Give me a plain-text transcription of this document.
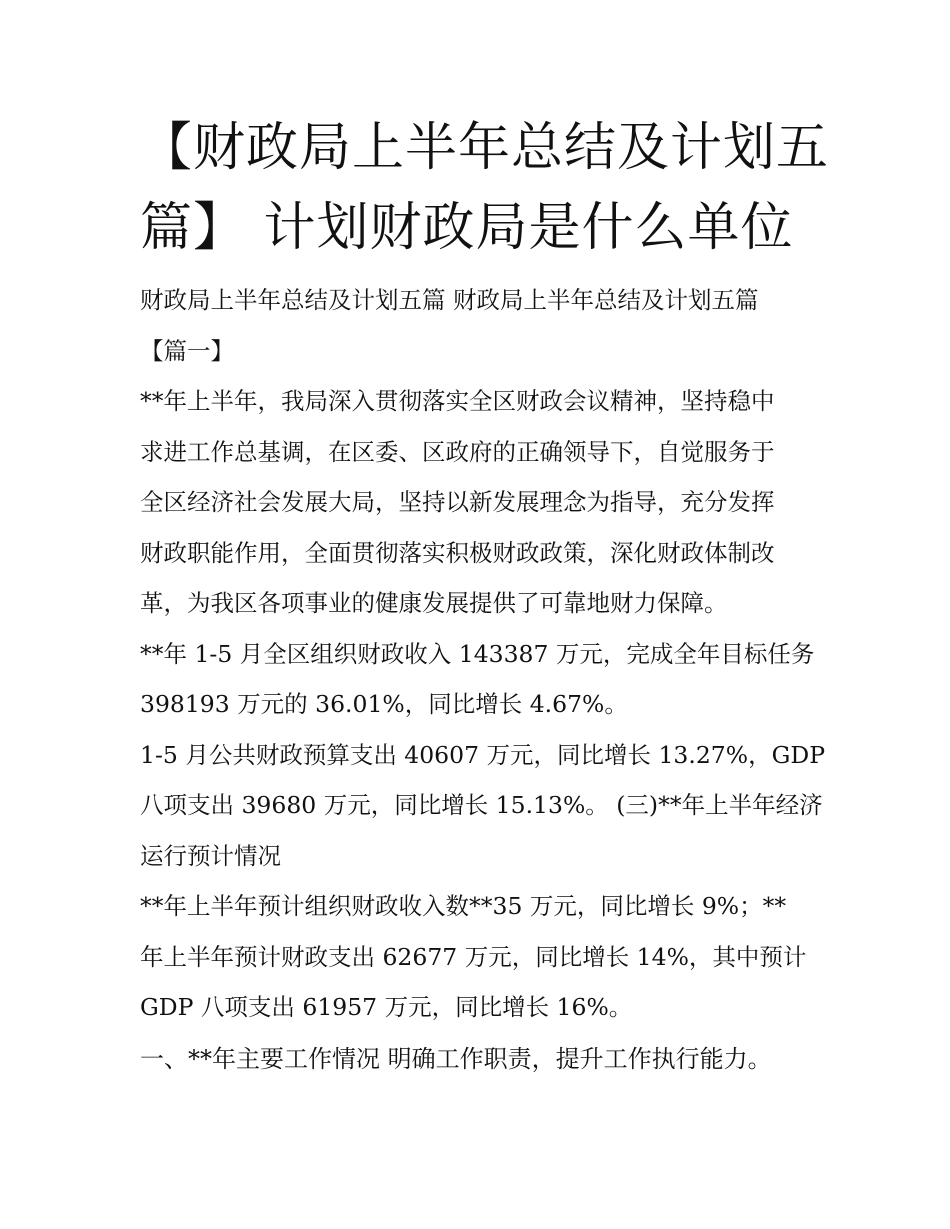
【财政局上半年总结及计划五
篇】 计划财政局是什么单位
财政局上半年总结及计划五篇 财政局上半年总结及计划五篇
【篇一】
**年上半年，我局深入贯彻落实全区财政会议精神，坚持稳中
求进工作总基调，在区委、区政府的正确领导下，自觉服务于
全区经济社会发展大局，坚持以新发展理念为指导，充分发挥
财政职能作用，全面贯彻落实积极财政政策，深化财政体制改
革，为我区各项事业的健康发展提供了可靠地财力保障。
**年 1-5 月全区组织财政收入 143387 万元，完成全年目标任务
398193 万元的 36.01%，同比增长 4.67%。
1-5 月公共财政预算支出 40607 万元，同比增长 13.27%，GDP
八项支出 39680 万元，同比增长 15.13%。 (三)**年上半年经济
运行预计情况
**年上半年预计组织财政收入数**35 万元，同比增长 9%；**
年上半年预计财政支出 62677 万元，同比增长 14%，其中预计
GDP 八项支出 61957 万元，同比增长 16%。
一、**年主要工作情况 明确工作职责，提升工作执行能力。
